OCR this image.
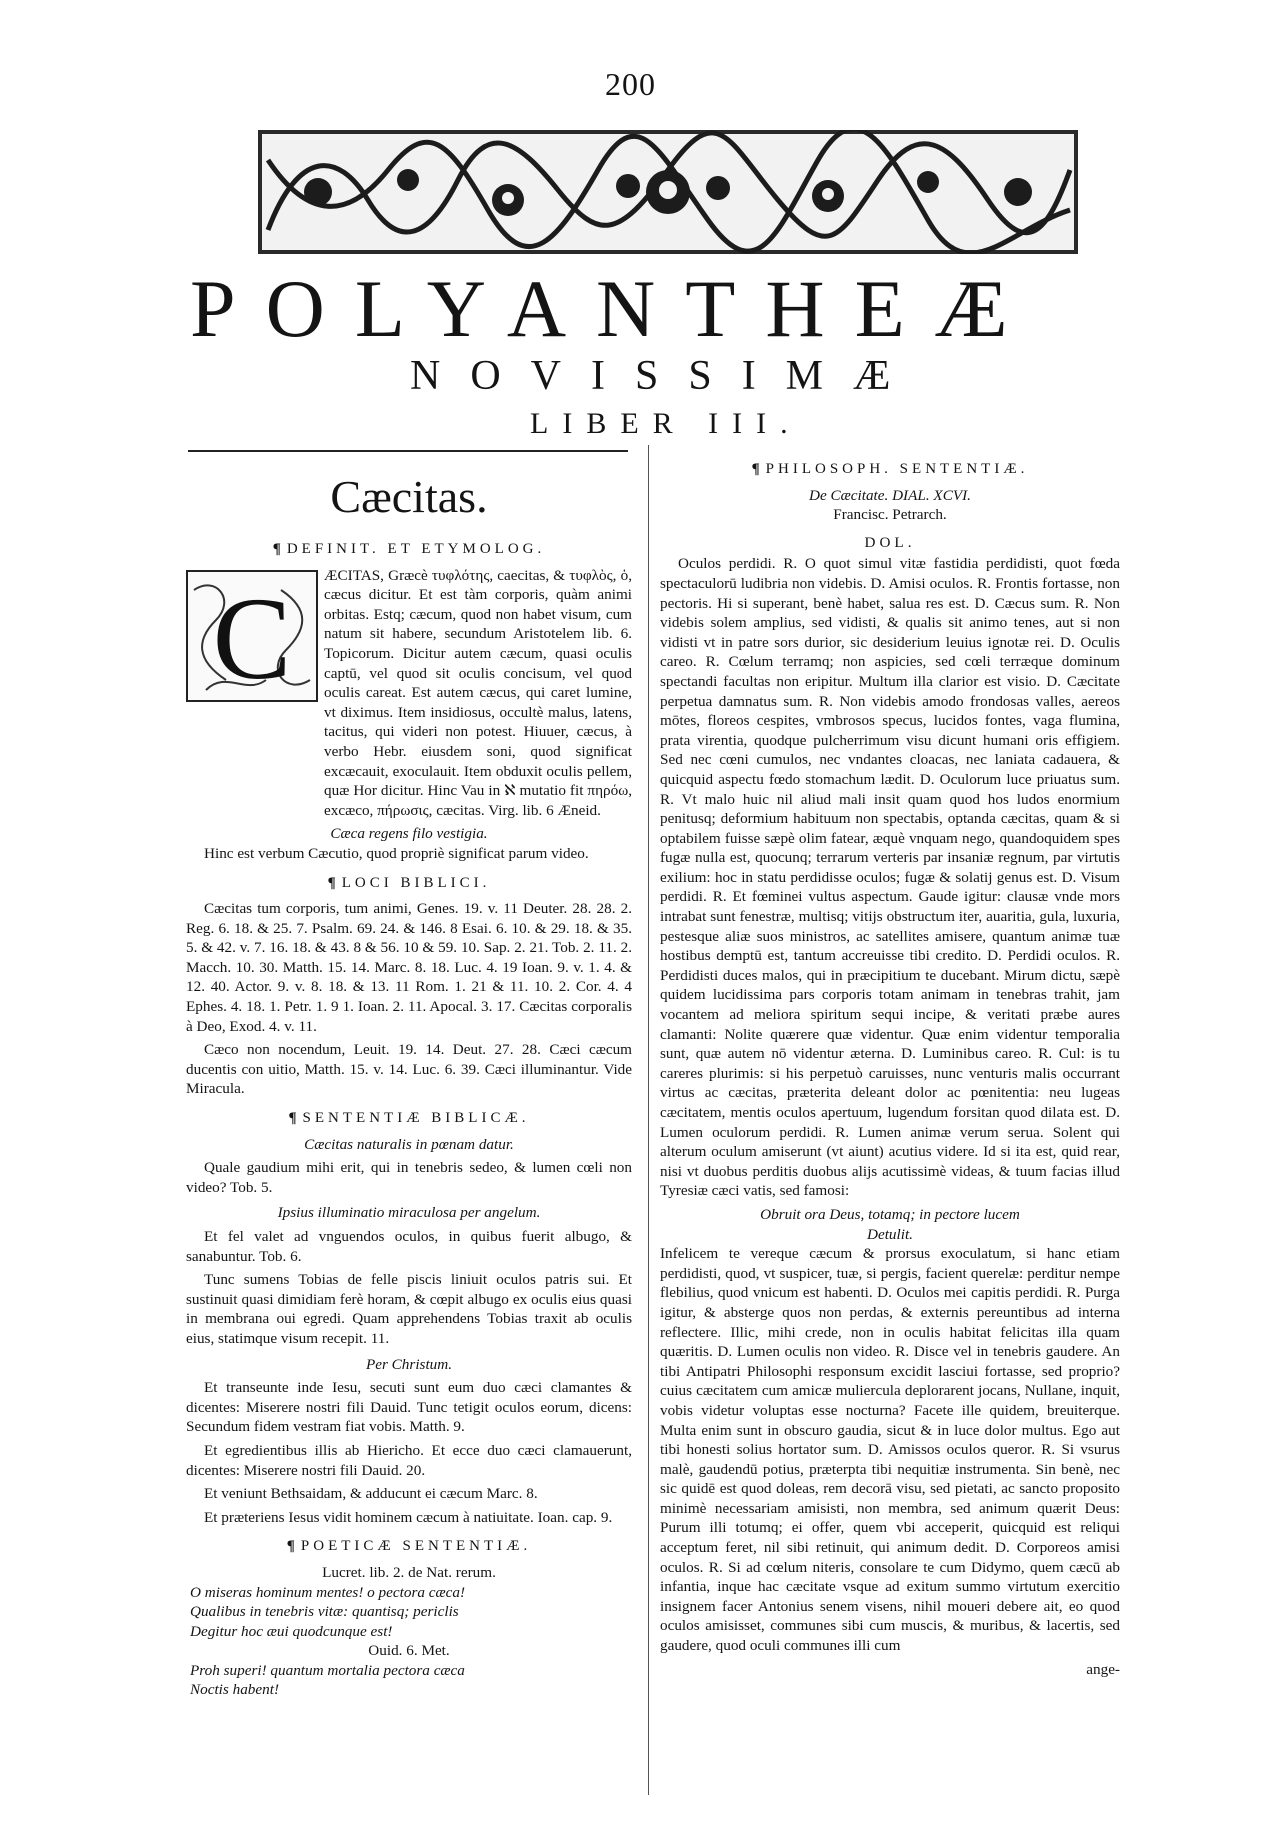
200
POLYANTHEÆ
NOVISSIMÆ
LIBER III.
Cæcitas.
¶ DEFINIT. ET ETYMOLOG.
C ÆCITAS, Græcè τυφλότης, caecitas, & τυφλὸς, ὁ, cæcus dicitur. Et est tàm corporis, quàm animi orbitas. Estq; cæcum, quod non habet visum, cum natum sit habere, secundum Aristotelem lib. 6. Topicorum. Dicitur autem cæcum, quasi oculis captū, vel quod sit oculis concisum, vel quod oculis careat. Est autem cæcus, qui caret lumine, vt diximus. Item insidiosus, occultè malus, latens, tacitus, qui videri non potest. Hiuuer, cæcus, à verbo Hebr. eiusdem soni, quod significat excæcauit, exoculauit. Item obduxit oculis pellem, quæ Hor dicitur. Hinc Vau in ℵ mutatio fit πηρόω, excæco, πήρωσις, cæcitas. Virg. lib. 6 Æneid.

Cæca regens filo vestigia.

Hinc est verbum Cæcutio, quod propriè significat parum video.

¶ LOCI BIBLICI.

Cæcitas tum corporis, tum animi, Genes. 19. v. 11 Deuter. 28. 28. 2. Reg. 6. 18. & 25. 7. Psalm. 69. 24. & 146. 8 Esai. 6. 10. & 29. 18. & 35. 5. & 42. v. 7. 16. 18. & 43. 8 & 56. 10 & 59. 10. Sap. 2. 21. Tob. 2. 11. 2. Macch. 10. 30. Matth. 15. 14. Marc. 8. 18. Luc. 4. 19 Ioan. 9. v. 1. 4. & 12. 40. Actor. 9. v. 8. 18. & 13. 11 Rom. 1. 21 & 11. 10. 2. Cor. 4. 4 Ephes. 4. 18. 1. Petr. 1. 9 1. Ioan. 2. 11. Apocal. 3. 17. Cæcitas corporalis à Deo, Exod. 4. v. 11.

Cæco non nocendum, Leuit. 19. 14. Deut. 27. 28. Cæci cæcum ducentis con uitio, Matth. 15. v. 14. Luc. 6. 39. Cæci illuminantur. Vide Miracula.

¶ SENTENTIÆ BIBLICÆ.
Cæcitas naturalis in pœnam datur.

Quale gaudium mihi erit, qui in tenebris sedeo, & lumen cœli non video? Tob. 5.

Ipsius illuminatio miraculosa per angelum.

Et fel valet ad vnguendos oculos, in quibus fuerit albugo, & sanabuntur. Tob. 6.

Tunc sumens Tobias de felle piscis liniuit oculos patris sui. Et sustinuit quasi dimidiam ferè horam, & cœpit albugo ex oculis eius quasi in membrana oui egredi. Quam apprehendens Tobias traxit ab oculis eius, statimque visum recepit. 11.

Per Christum.

Et transeunte inde Iesu, secuti sunt eum duo cæci clamantes & dicentes: Miserere nostri fili Dauid. Tunc tetigit oculos eorum, dicens: Secundum fidem vestram fiat vobis. Matth. 9.

Et egredientibus illis ab Hiericho. Et ecce duo cæci clamauerunt, dicentes: Miserere nostri fili Dauid. 20.

Et veniunt Bethsaidam, & adducunt ei cæcum Marc. 8.

Et præteriens Iesus vidit hominem cæcum à natiuitate. Ioan. cap. 9.

¶ POETICÆ SENTENTIÆ.
Lucret. lib. 2. de Nat. rerum.
O miseras hominum mentes! o pectora cæca!
Qualibus in tenebris vitæ: quantisq; periclis
Degitur hoc æui quodcunque est!
Ouid. 6. Met.
Proh superi! quantum mortalia pectora cæca
Noctis habent!
¶ PHILOSOPH. SENTENTIÆ.
De Cæcitate. DIAL. XCVI.
Francisc. Petrarch.
DOL.

Oculos perdidi. R. O quot simul vitæ fastidia perdidisti, quot fœda spectaculorū ludibria non videbis. D. Amisi oculos. R. Frontis fortasse, non pectoris. Hi si superant, benè habet, salua res est. D. Cæcus sum. R. Non videbis solem amplius, sed vidisti, & qualis sit animo tenes, aut si non vidisti vt in patre sors durior, sic desiderium leuius ignotæ rei. D. Oculis careo. R. Cœlum terramq; non aspicies, sed cœli terræque dominum spectandi facultas non eripitur. Multum illa clarior est visio. D. Cæcitate perpetua damnatus sum. R. Non videbis amodo frondosas valles, aereos mōtes, floreos cespites, vmbrosos specus, lucidos fontes, vaga flumina, prata virentia, quodque pulcherrimum visu dicunt humani oris effigiem. Sed nec cœni cumulos, nec vndantes cloacas, nec laniata cadauera, & quicquid aspectu fœdo stomachum lædit. D. Oculorum luce priuatus sum. R. Vt malo huic nil aliud mali insit quam quod hos ludos enormium penitusq; deformium habituum non spectabis, optanda cæcitas, quam & si optabilem fuisse sæpè olim fatear, æquè vnquam nego, quandoquidem spes fugæ nulla est, quocunq; terrarum verteris par insaniæ regnum, par virtutis exilium: hoc in statu perdidisse oculos; fugæ & solatij genus est. D. Visum perdidi. R. Et fœminei vultus aspectum. Gaude igitur: clausæ vnde mors intrabat sunt fenestræ, multisq; vitijs obstructum iter, auaritia, gula, luxuria, pestesque aliæ suos ministros, ac satellites amisere, quantum animæ tuæ hostibus demptū est, tantum accreuisse tibi credito. D. Perdidi oculos. R. Perdidisti duces malos, qui in præcipitium te ducebant. Mirum dictu, sæpè quidem lucidissima pars corporis totam animam in tenebras trahit, jam vocantem ad meliora spiritum sequi incipe, & veritati præbe aures clamanti: Nolite quærere quæ videntur. Quæ enim videntur temporalia sunt, quæ autem nō videntur æterna. D. Luminibus careo. R. Cul: is tu careres plurimis: si his perpetuò caruisses, nunc venturis malis occurrant virtus ac cæcitas, præterita deleant dolor ac pœnitentia: neu lugeas cæcitatem, mentis oculos apertuum, lugendum forsitan quod dilata est. D. Lumen oculorum perdidi. R. Lumen animæ verum serua. Solent qui alterum oculum amiserunt (vt aiunt) acutius videre. Id si ita est, quid rear, nisi vt duobus perditis duobus alijs acutissimè videas, & tuum facias illud Tyresiæ cæci vatis, sed famosi:

Obruit ora Deus, totamq; in pectore lucem
Detulit.

Infelicem te vereque cæcum & prorsus exoculatum, si hanc etiam perdidisti, quod, vt suspicer, tuæ, si pergis, facient querelæ: perditur nempe flebilius, quod vnicum est habenti. D. Oculos mei capitis perdidi. R. Purga igitur, & absterge quos non perdas, & externis pereuntibus ad interna reflectere. Illic, mihi crede, non in oculis habitat felicitas illa quam quæritis. D. Lumen oculis non video. R. Disce vel in tenebris gaudere. An tibi Antipatri Philosophi responsum excidit lasciui fortasse, sed proprio? cuius cæcitatem cum amicæ muliercula deplorarent jocans, Nullane, inquit, vobis videtur voluptas esse nocturna? Facete ille quidem, breuiterque. Multa enim sunt in obscuro gaudia, sicut & in luce dolor multus. Ego aut tibi honesti solius hortator sum. D. Amissos oculos queror. R. Si vsurus malè, gaudendū potius, præterpta tibi nequitiæ instrumenta. Sin benè, nec sic quidē est quod doleas, rem decorā visu, sed pietati, ac sancto proposito minimè necessariam amisisti, non membra, sed animum quærit Deus: Purum illi totumq; ei offer, quem vbi acceperit, quicquid est reliqui acceptum feret, nil sibi retinuit, qui animum dedit. D. Corporeos amisi oculos. R. Si ad cœlum niteris, consolare te cum Didymo, quem cæcū ab infantia, inque hac cæcitate vsque ad exitum summo virtutum exercitio insignem facer Antonius senem visens, nihil moueri debere ait, eo quod oculos amisisset, communes sibi cum muscis, & muribus, & lacertis, sed gaudere, quod oculi communes illi cum

ange-
